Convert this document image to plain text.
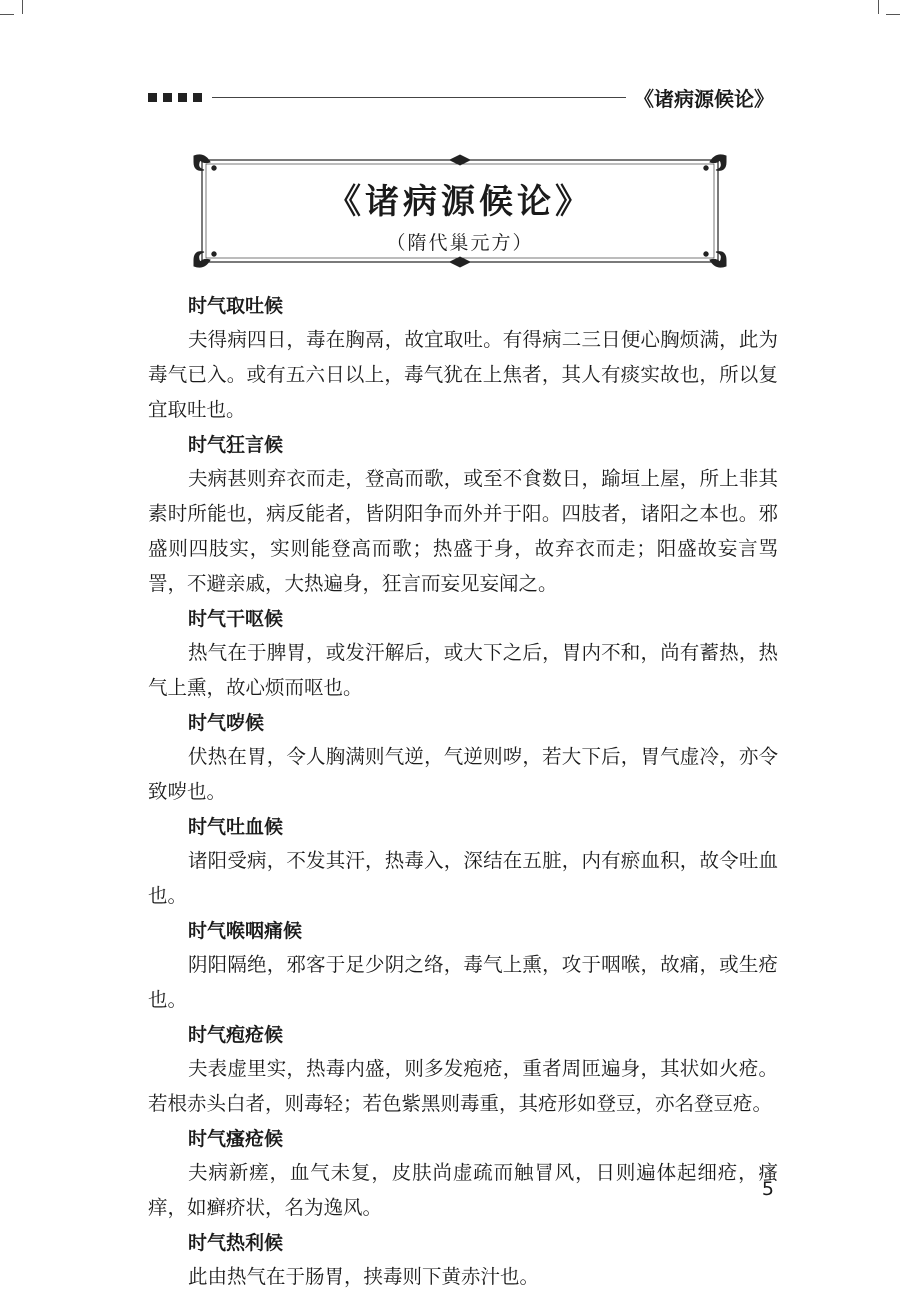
《诸病源候论》
《诸病源候论》
（隋代巢元方）
时气取吐候

夫得病四日，毒在胸鬲，故宜取吐。有得病二三日便心胸烦满，此为毒气已入。或有五六日以上，毒气犹在上焦者，其人有痰实故也，所以复宜取吐也。

时气狂言候

夫病甚则弃衣而走，登高而歌，或至不食数日，踰垣上屋，所上非其素时所能也，病反能者，皆阴阳争而外并于阳。四肢者，诸阳之本也。邪盛则四肢实，实则能登高而歌；热盛于身，故弃衣而走；阳盛故妄言骂詈，不避亲戚，大热遍身，狂言而妄见妄闻之。

时气干呕候

热气在于脾胃，或发汗解后，或大下之后，胃内不和，尚有蓄热，热气上熏，故心烦而呕也。

时气哕候

伏热在胃，令人胸满则气逆，气逆则哕，若大下后，胃气虚冷，亦令致哕也。

时气吐血候

诸阳受病，不发其汗，热毒入，深结在五脏，内有瘀血积，故令吐血也。

时气喉咽痛候

阴阳隔绝，邪客于足少阴之络，毒气上熏，攻于咽喉，故痛，或生疮也。

时气疱疮候

夫表虚里实，热毒内盛，则多发疱疮，重者周匝遍身，其状如火疮。若根赤头白者，则毒轻；若色紫黑则毒重，其疮形如登豆，亦名登豆疮。

时气瘙疮候

夫病新瘥，血气未复，皮肤尚虚疏而触冒风，日则遍体起细疮，瘙痒，如癣疥状，名为逸风。

时气热利候

此由热气在于肠胃，挟毒则下黄赤汁也。

5
